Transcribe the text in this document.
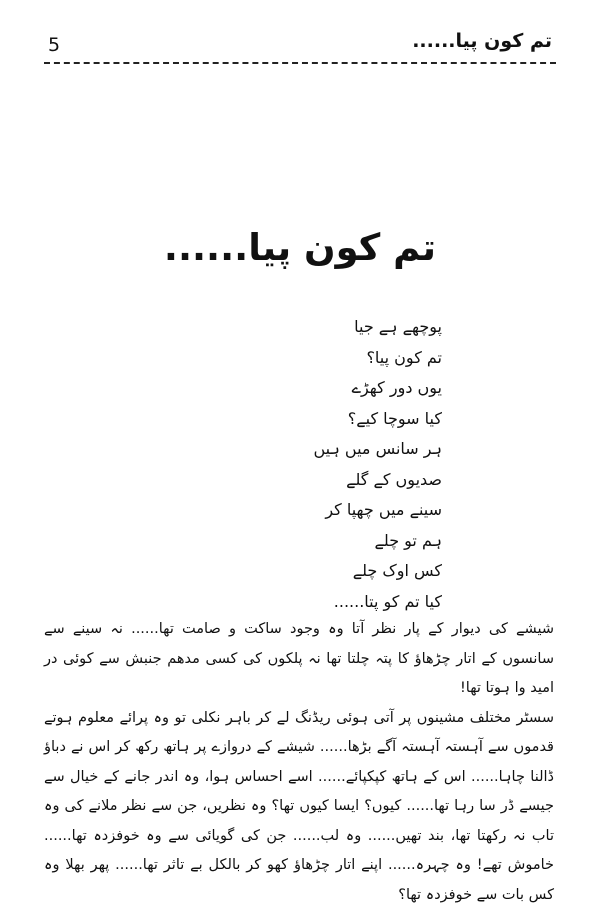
5	تم کون پیا......
تم کون پیا......
پوچھے ہے جیا
تم کون پیا؟
یوں دور کھڑے
کیا سوچا کیے؟
ہر سانس میں ہیں
صدیوں کے گلے
سینے میں چھپا کر
ہم تو چلے
کس اوک چلے
کیا تم کو پتا......

شیشے کی دیوار کے پار نظر آتا وہ وجود ساکت و صامت تھا...... نہ سینے سے سانسوں کے اتار چڑھاؤ کا پتہ چلتا تھا نہ پلکوں کی کسی مدھم جنبش سے کوئی در امید وا ہوتا تھا!

سسٹر مختلف مشینوں پر آتی ہوئی ریڈنگ لے کر باہر نکلی تو وہ پرائے معلوم ہوتے قدموں سے آہستہ آہستہ آگے بڑھا...... شیشے کے دروازے پر ہاتھ رکھ کر اس نے دباؤ ڈالنا چاہا...... اس کے ہاتھ کپکپائے...... اسے احساس ہوا، وہ اندر جانے کے خیال سے جیسے ڈر سا رہا تھا...... کیوں؟ ایسا کیوں تھا؟ وہ نظریں، جن سے نظر ملانے کی وہ تاب نہ رکھتا تھا، بند تھیں...... وہ لب...... جن کی گویائی سے وہ خوفزدہ تھا...... خاموش تھے! وہ چہرہ...... اپنے اتار چڑھاؤ کھو کر بالکل بے تاثر تھا...... پھر بھلا وہ کس بات سے خوفزدہ تھا؟
